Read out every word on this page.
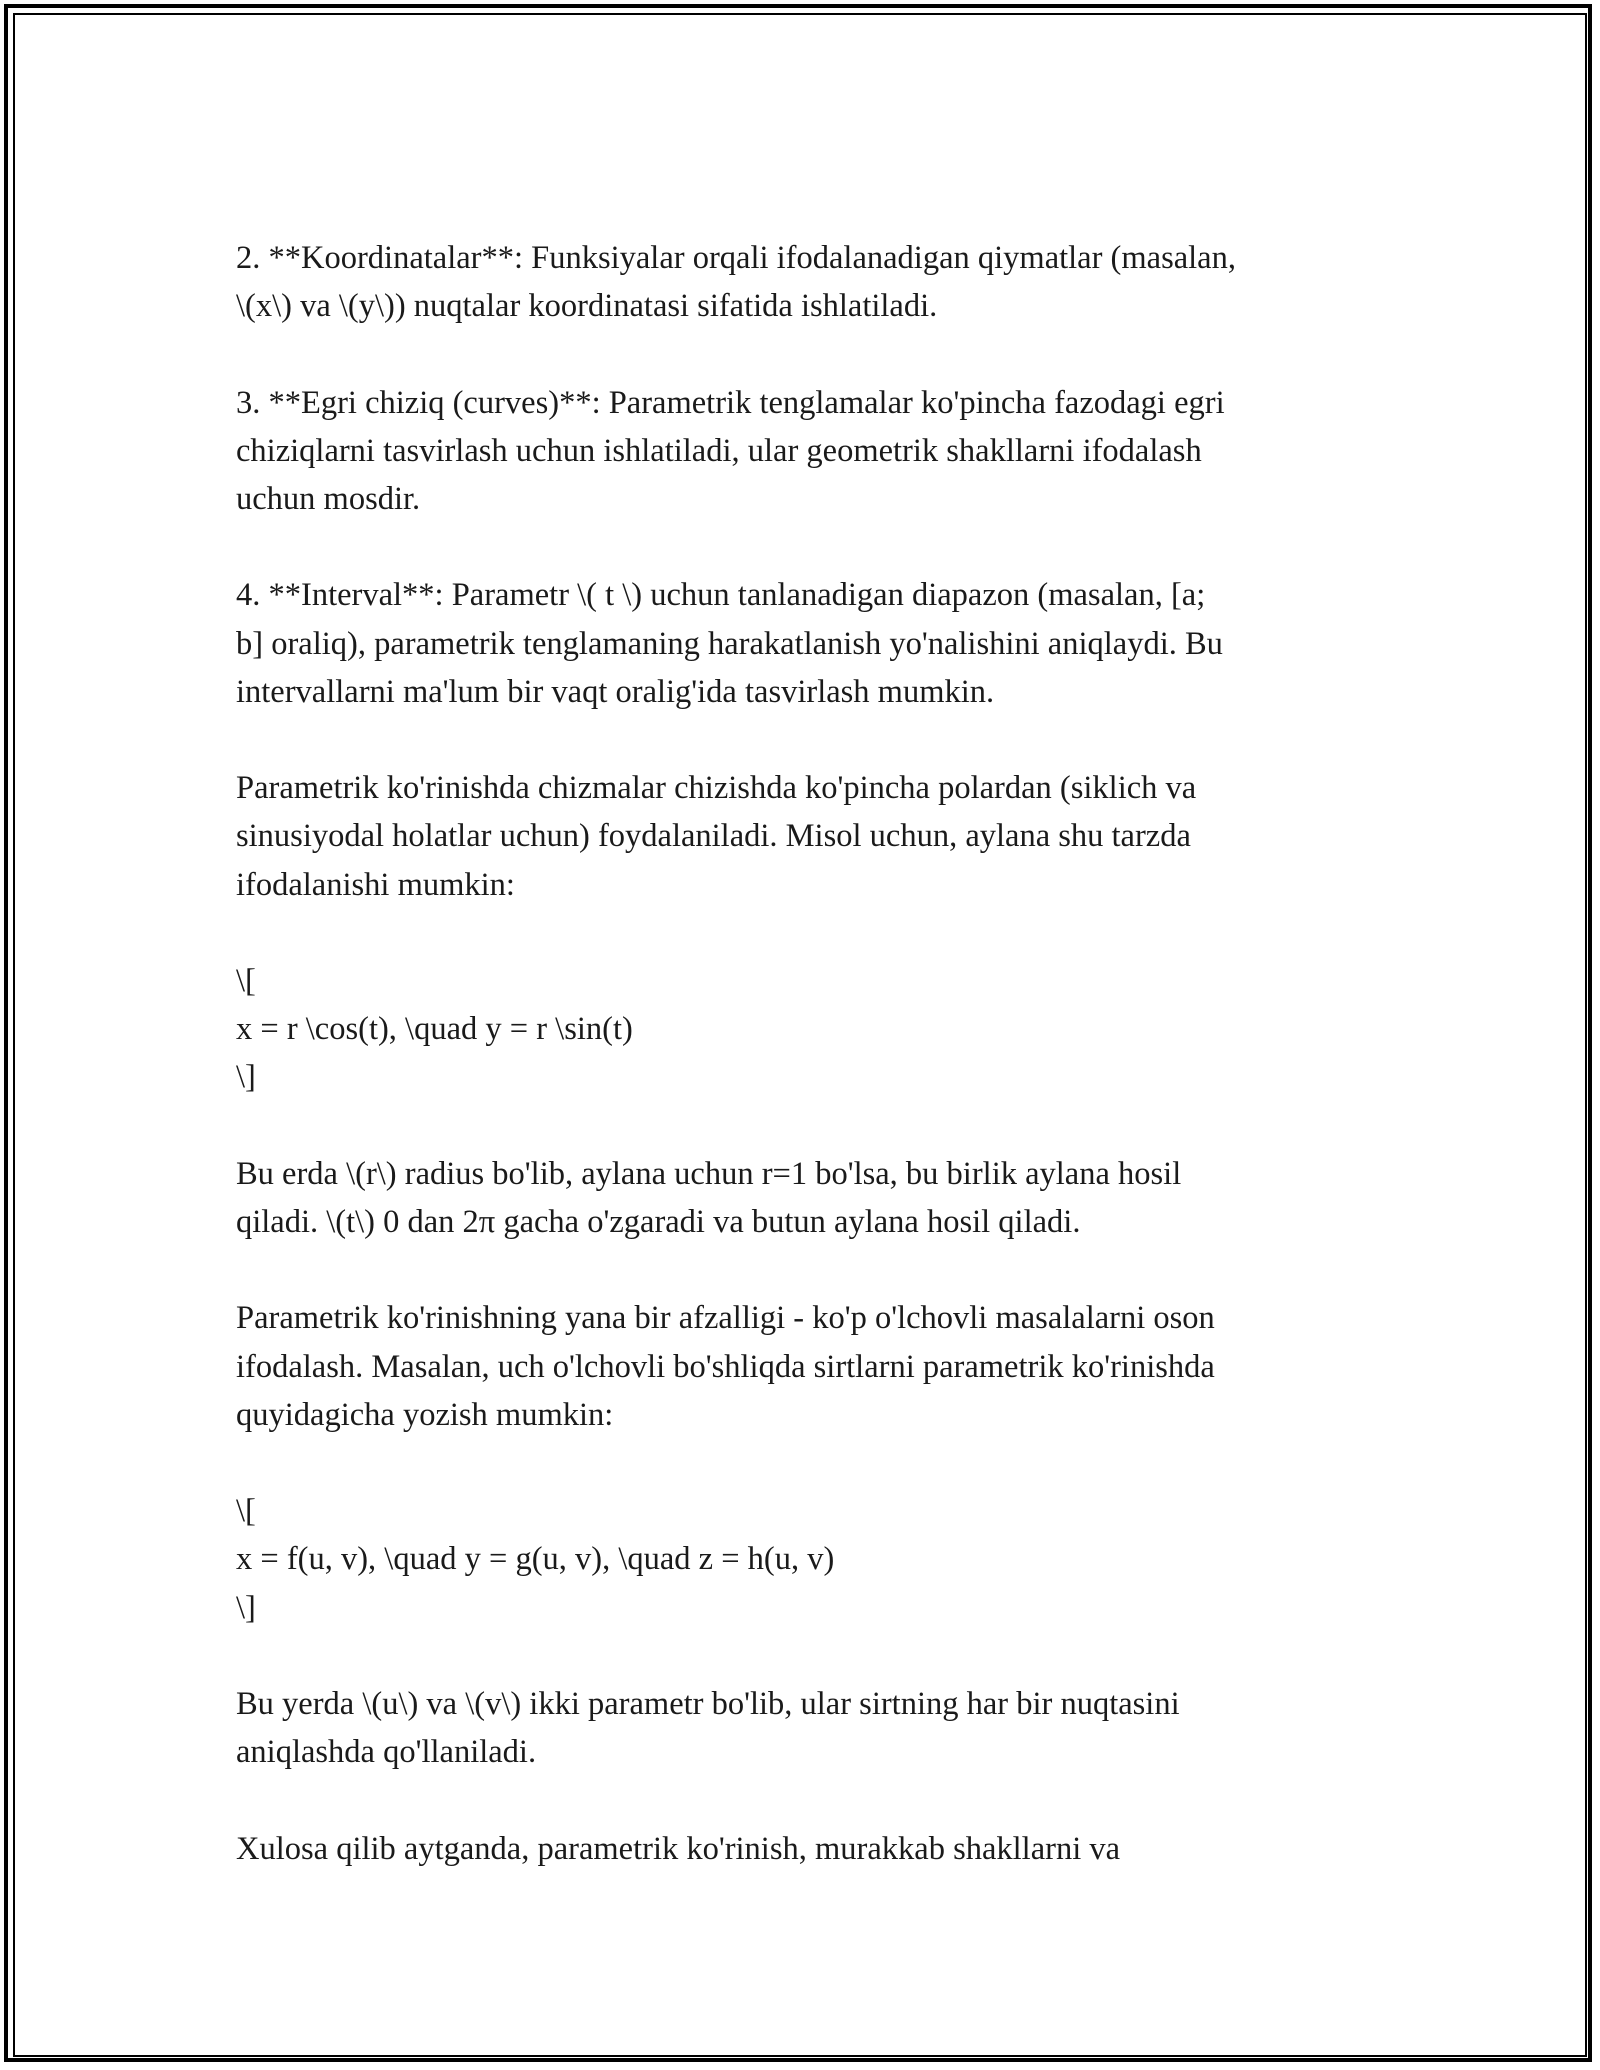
2. **Koordinatalar**: Funksiyalar orqali ifodalanadigan qiymatlar (masalan,
\(x\) va \(y\)) nuqtalar koordinatasi sifatida ishlatiladi.

3. **Egri chiziq (curves)**: Parametrik tenglamalar ko'pincha fazodagi egri
chiziqlarni tasvirlash uchun ishlatiladi, ular geometrik shakllarni ifodalash
uchun mosdir.

4. **Interval**: Parametr \( t \) uchun tanlanadigan diapazon (masalan, [a;
b] oraliq), parametrik tenglamaning harakatlanish yo'nalishini aniqlaydi. Bu
intervallarni ma'lum bir vaqt oralig'ida tasvirlash mumkin.

Parametrik ko'rinishda chizmalar chizishda ko'pincha polardan (siklich va
sinusiyodal holatlar uchun) foydalaniladi. Misol uchun, aylana shu tarzda
ifodalanishi mumkin:

\[
x = r \cos(t), \quad y = r \sin(t)
\]

Bu erda \(r\) radius bo'lib, aylana uchun r=1 bo'lsa, bu birlik aylana hosil
qiladi. \(t\) 0 dan 2π gacha o'zgaradi va butun aylana hosil qiladi.

Parametrik ko'rinishning yana bir afzalligi - ko'p o'lchovli masalalarni oson
ifodalash. Masalan, uch o'lchovli bo'shliqda sirtlarni parametrik ko'rinishda
quyidagicha yozish mumkin:

\[
x = f(u, v), \quad y = g(u, v), \quad z = h(u, v)
\]

Bu yerda \(u\) va \(v\) ikki parametr bo'lib, ular sirtning har bir nuqtasini
aniqlashda qo'llaniladi.

Xulosa qilib aytganda, parametrik ko'rinish, murakkab shakllarni va
